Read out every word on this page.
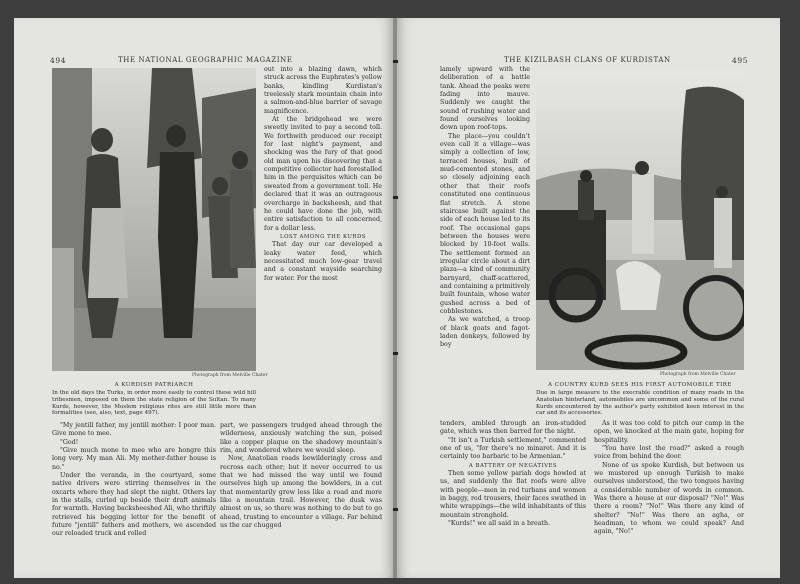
494	THE NATIONAL GEOGRAPHIC MAGAZINE
Photograph from Melville Chater
A KURDISH PATRIARCH

In the old days the Turks, in order more easily to control these wild hill tribesmen, imposed on them the state religion of the Sultan. To many Kurds, however, the Moslem religious rites are still little more than formalities (see, also, text, page 497).

out into a blazing dawn, which struck across the Euphrates's yellow banks, kindling Kurdistan's treelessly stark mountain chain into a salmon-and-blue barrier of savage magnificence.

At the bridgehead we were sweetly invited to pay a second toll. We forthwith produced our receipt for last night's payment, and shocking was the fury of that good old man upon his discovering that a competitive collector had forestalled him in the perquisites which can be sweated from a government toll. He declared that it was an outrageous overcharge in backsheesh, and that he could have done the job, with entire satisfaction to all concerned, for a dollar less.

LOST AMONG THE KURDS

That day our car developed a leaky water feed, which necessitated much low-gear travel and a constant wayside searching for water. For the most

"My jentill father, my jentill mother: I poor man. Give mone to mee.

"God!

"Give much mone to mee who are hongre this long very. My man Ali. My mother-father house is no."

Under the veranda, in the courtyard, some native drivers were stirring themselves in the oxcarts where they had slept the night. Others lay in the stalls, curled up beside their draft animals for warmth. Having backsheeshed Ali, who thriftily retrieved his begging letter for the benefit of future "jentill" fathers and mothers, we ascended our reloaded truck and rolled

part, we passengers trudged ahead through the wilderness, anxiously watching the sun, poised like a copper plaque on the shadowy mountain's rim, and wondered where we would sleep.

Now, Anatolian roads bewilderingly cross and recross each other; but it never occurred to us that we had missed the way until we found ourselves high up among the bowlders, in a cut that momentarily grew less like a road and more like a mountain trail. However, the dusk was almost on us, so there was nothing to do but to go ahead, trusting to encounter a village. Far behind us the car chugged

THE KIZILBASH CLANS OF KURDISTAN	495

lamely upward with the deliberation of a battle tank. Ahead the peaks were fading into mauve. Suddenly we caught the sound of rushing water and found ourselves looking down upon roof-tops.

The place—you couldn't even call it a village—was simply a collection of low, terraced houses, built of mud-cemented stones, and so closely adjoining each other that their roofs constituted one continuous flat stretch. A stone staircase built against the side of each house led to its roof. The occasional gaps between the houses were blocked by 10-foot walls. The settlement formed an irregular circle about a dirt plaza—a kind of community barnyard, chaff-scattered, and containing a primitively built fountain, whose water gushed across a bed of cobblestones.

As we watched, a troop of black goats and fagot-laden donkeys, followed by boy

Photograph from Melville Chater
A COUNTRY KURD SEES HIS FIRST AUTOMOBILE TIRE

Due in large measure to the execrable condition of many roads in the Anatolian hinterland, automobiles are uncommon and some of the rural Kurds encountered by the author's party exhibited keen interest in the car and its accessories.

tenders, ambled through an iron-studded gate, which was then barred for the night.

"It isn't a Turkish settlement," commented one of us, "for there's no minaret. And it is certainly too barbaric to be Armenian."

A BATTERY OF NEGATIVES

Then some yellow pariah dogs howled at us, and suddenly the flat roofs were alive with people—men in red turbans and women in baggy, red trousers, their faces swathed in white wrappings—the wild inhabitants of this mountain stronghold.

"Kurds!" we all said in a breath.

As it was too cold to pitch our camp in the open, we knocked at the main gate, hoping for hospitality.

"You have lost the road?" asked a rough voice from behind the door.

None of us spoke Kurdish, but between us we mustered up enough Turkish to make ourselves understood, the two tongues having a considerable number of words in common. Was there a house at our disposal? "No!" Was there a room? "No!" Was there any kind of shelter? "No!" Was there an agha, or headman, to whom we could speak? And again, "No!"
